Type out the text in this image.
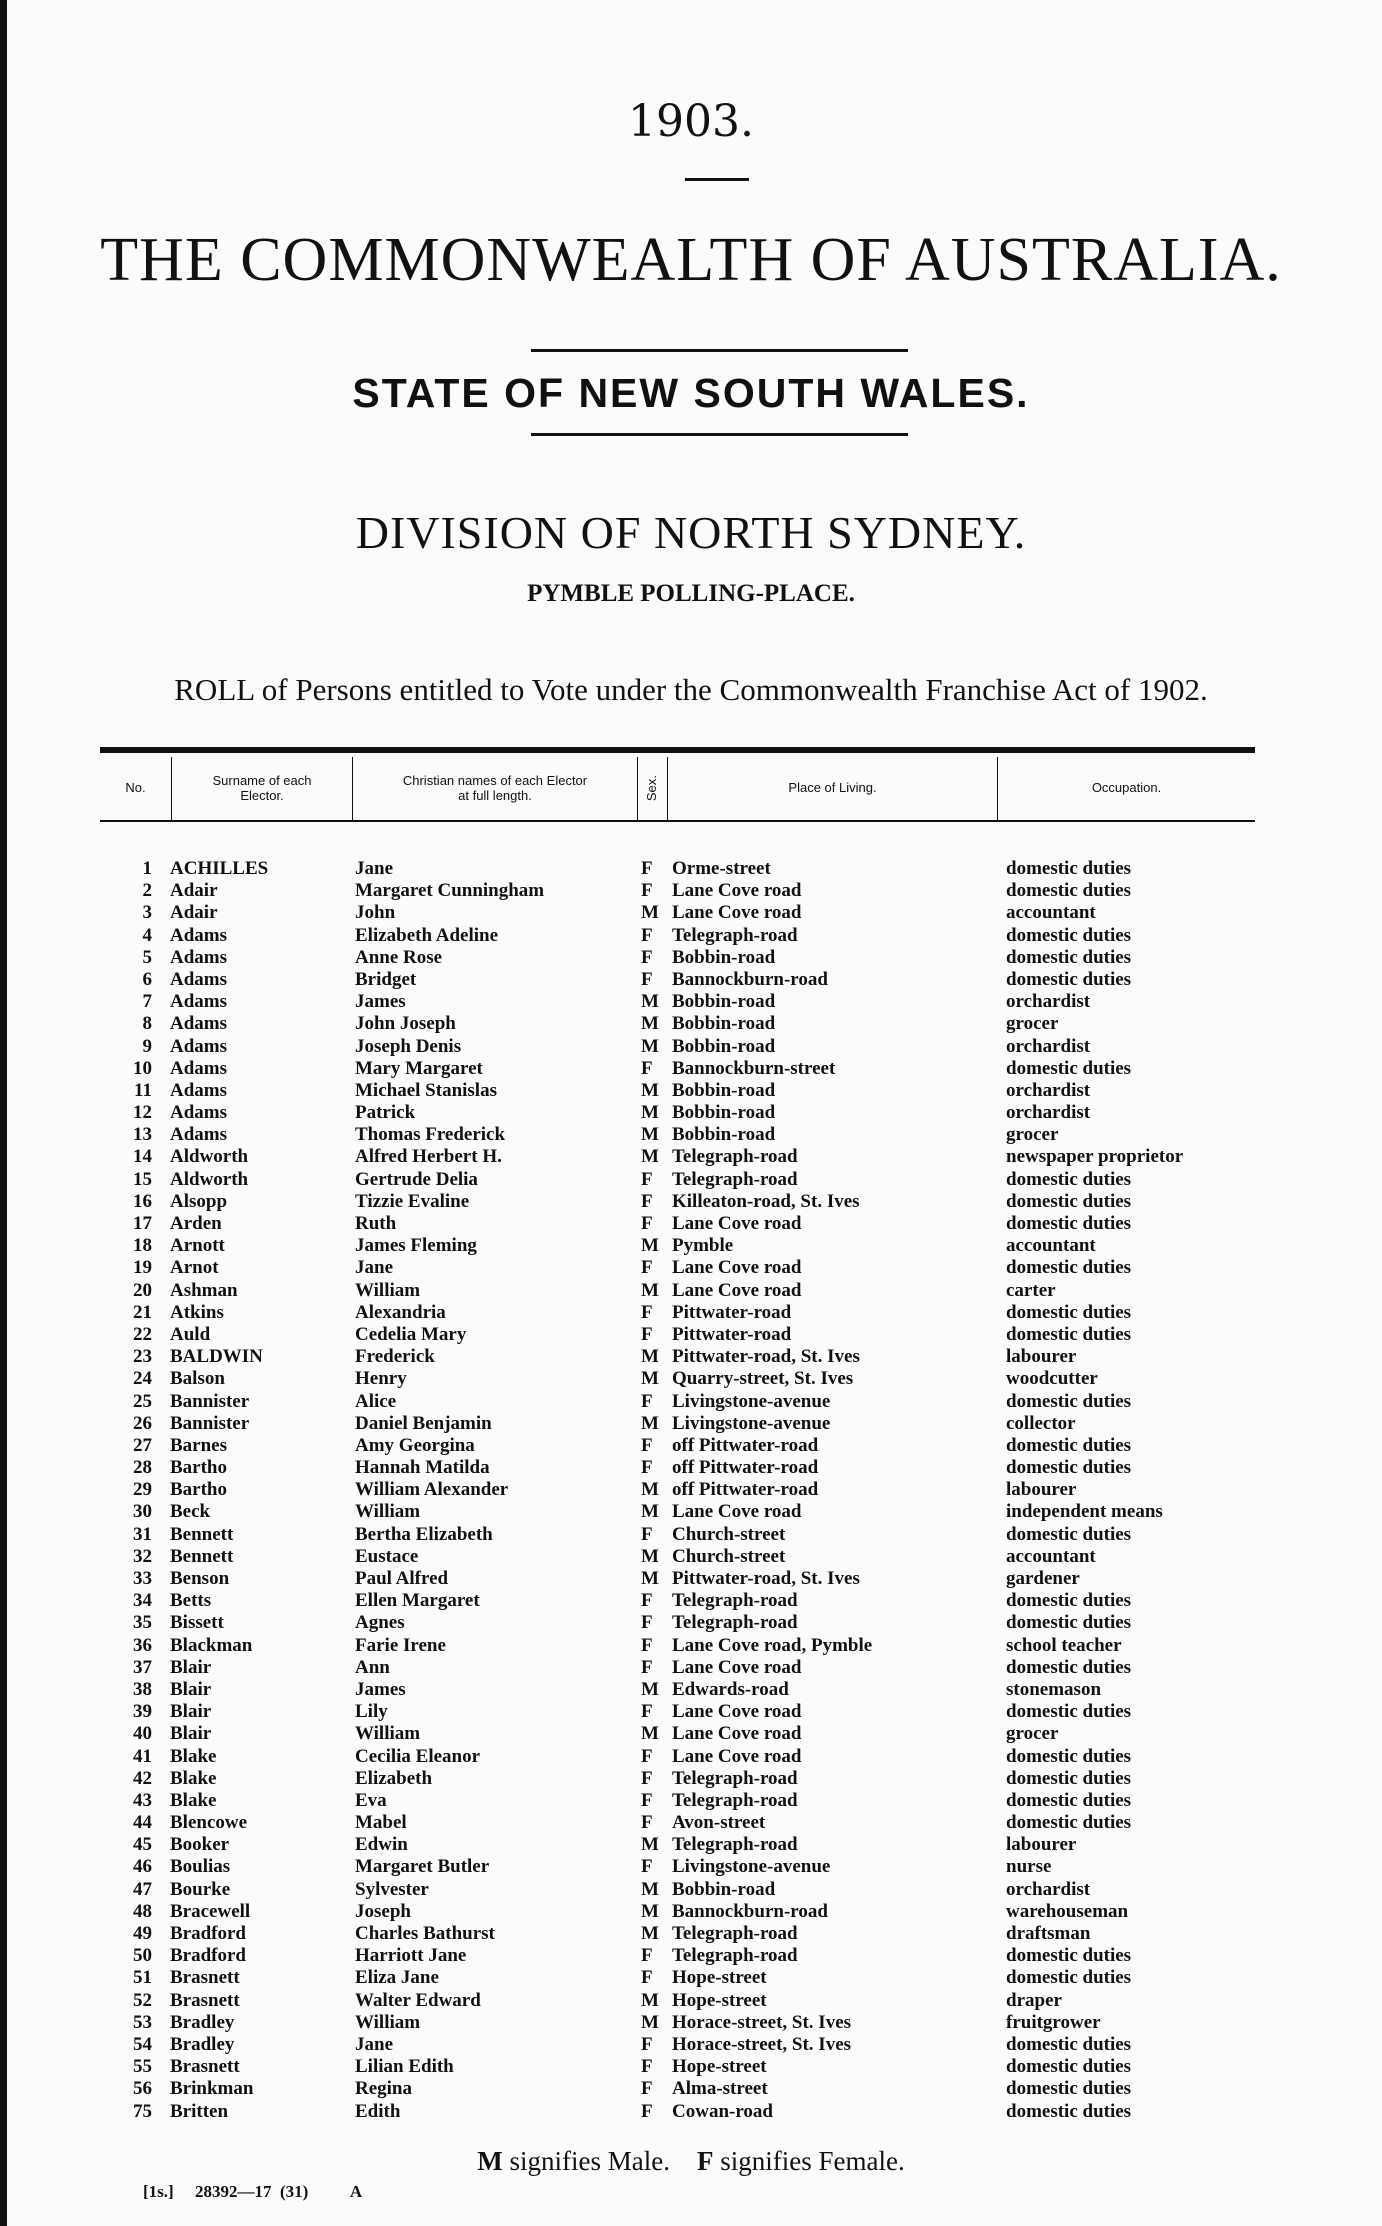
1903.
THE COMMONWEALTH OF AUSTRALIA.
STATE OF NEW SOUTH WALES.
DIVISION OF NORTH SYDNEY.
PYMBLE POLLING-PLACE.
ROLL of Persons entitled to Vote under the Commonwealth Franchise Act of 1902.
No.	Surname of each
Elector.
Christian names of each Elector
at full length.	Sex.	Place of Living.	Occupation.
1 ACHILLES	Jane	F Orme-street	domestic duties
2 Adair	Margaret Cunningham	F Lane Cove road	domestic duties
3 Adair	John	M Lane Cove road	accountant
4 Adams	Elizabeth Adeline	F Telegraph-road	domestic duties
5 Adams	Anne Rose	F Bobbin-road	domestic duties
6 Adams	Bridget	F Bannockburn-road	domestic duties
7 Adams	James	M Bobbin-road	orchardist
8 Adams	John Joseph	M Bobbin-road	grocer
9 Adams	Joseph Denis	M Bobbin-road	orchardist
10 Adams	Mary Margaret	F Bannockburn-street	domestic duties
11 Adams	Michael Stanislas	M Bobbin-road	orchardist
12 Adams	Patrick	M Bobbin-road	orchardist
13 Adams	Thomas Frederick	M Bobbin-road	grocer
14 Aldworth	Alfred Herbert H.	M Telegraph-road	newspaper proprietor
15 Aldworth	Gertrude Delia	F Telegraph-road	domestic duties
16 Alsopp	Tizzie Evaline	F Killeaton-road, St. Ives	domestic duties
17 Arden	Ruth	F Lane Cove road	domestic duties
18 Arnott	James Fleming	M Pymble	accountant
19 Arnot	Jane	F Lane Cove road	domestic duties
20 Ashman	William	M Lane Cove road	carter
21 Atkins	Alexandria	F Pittwater-road	domestic duties
22 Auld	Cedelia Mary	F Pittwater-road	domestic duties
23 BALDWIN	Frederick	M Pittwater-road, St. Ives	labourer
24 Balson	Henry	M Quarry-street, St. Ives	woodcutter
25 Bannister	Alice	F Livingstone-avenue	domestic duties
26 Bannister	Daniel Benjamin	M Livingstone-avenue	collector
27 Barnes	Amy Georgina	F off Pittwater-road	domestic duties
28 Bartho	Hannah Matilda	F off Pittwater-road	domestic duties
29 Bartho	William Alexander	M off Pittwater-road	labourer
30 Beck	William	M Lane Cove road	independent means
31 Bennett	Bertha Elizabeth	F Church-street	domestic duties
32 Bennett	Eustace	M Church-street	accountant
33 Benson	Paul Alfred	M Pittwater-road, St. Ives	gardener
34 Betts	Ellen Margaret	F Telegraph-road	domestic duties
35 Bissett	Agnes	F Telegraph-road	domestic duties
36 Blackman	Farie Irene	F Lane Cove road, Pymble	school teacher
37 Blair	Ann	F Lane Cove road	domestic duties
38 Blair	James	M Edwards-road	stonemason
39 Blair	Lily	F Lane Cove road	domestic duties
40 Blair	William	M Lane Cove road	grocer
41 Blake	Cecilia Eleanor	F Lane Cove road	domestic duties
42 Blake	Elizabeth	F Telegraph-road	domestic duties
43 Blake	Eva	F Telegraph-road	domestic duties
44 Blencowe	Mabel	F Avon-street	domestic duties
45 Booker	Edwin	M Telegraph-road	labourer
46 Boulias	Margaret Butler	F Livingstone-avenue	nurse
47 Bourke	Sylvester	M Bobbin-road	orchardist
48 Bracewell	Joseph	M Bannockburn-road	warehouseman
49 Bradford	Charles Bathurst	M Telegraph-road	draftsman
50 Bradford	Harriott Jane	F Telegraph-road	domestic duties
51 Brasnett	Eliza Jane	F Hope-street	domestic duties
52 Brasnett	Walter Edward	M Hope-street	draper
53 Bradley	William	M Horace-street, St. Ives	fruitgrower
54 Bradley	Jane	F Horace-street, St. Ives	domestic duties
55 Brasnett	Lilian Edith	F Hope-street	domestic duties
56 Brinkman	Regina	F Alma-street	domestic duties
75 Britten	Edith	F Cowan-road	domestic duties
M signifies Male. F signifies Female.
[1s.] 28392—17 (31) A
